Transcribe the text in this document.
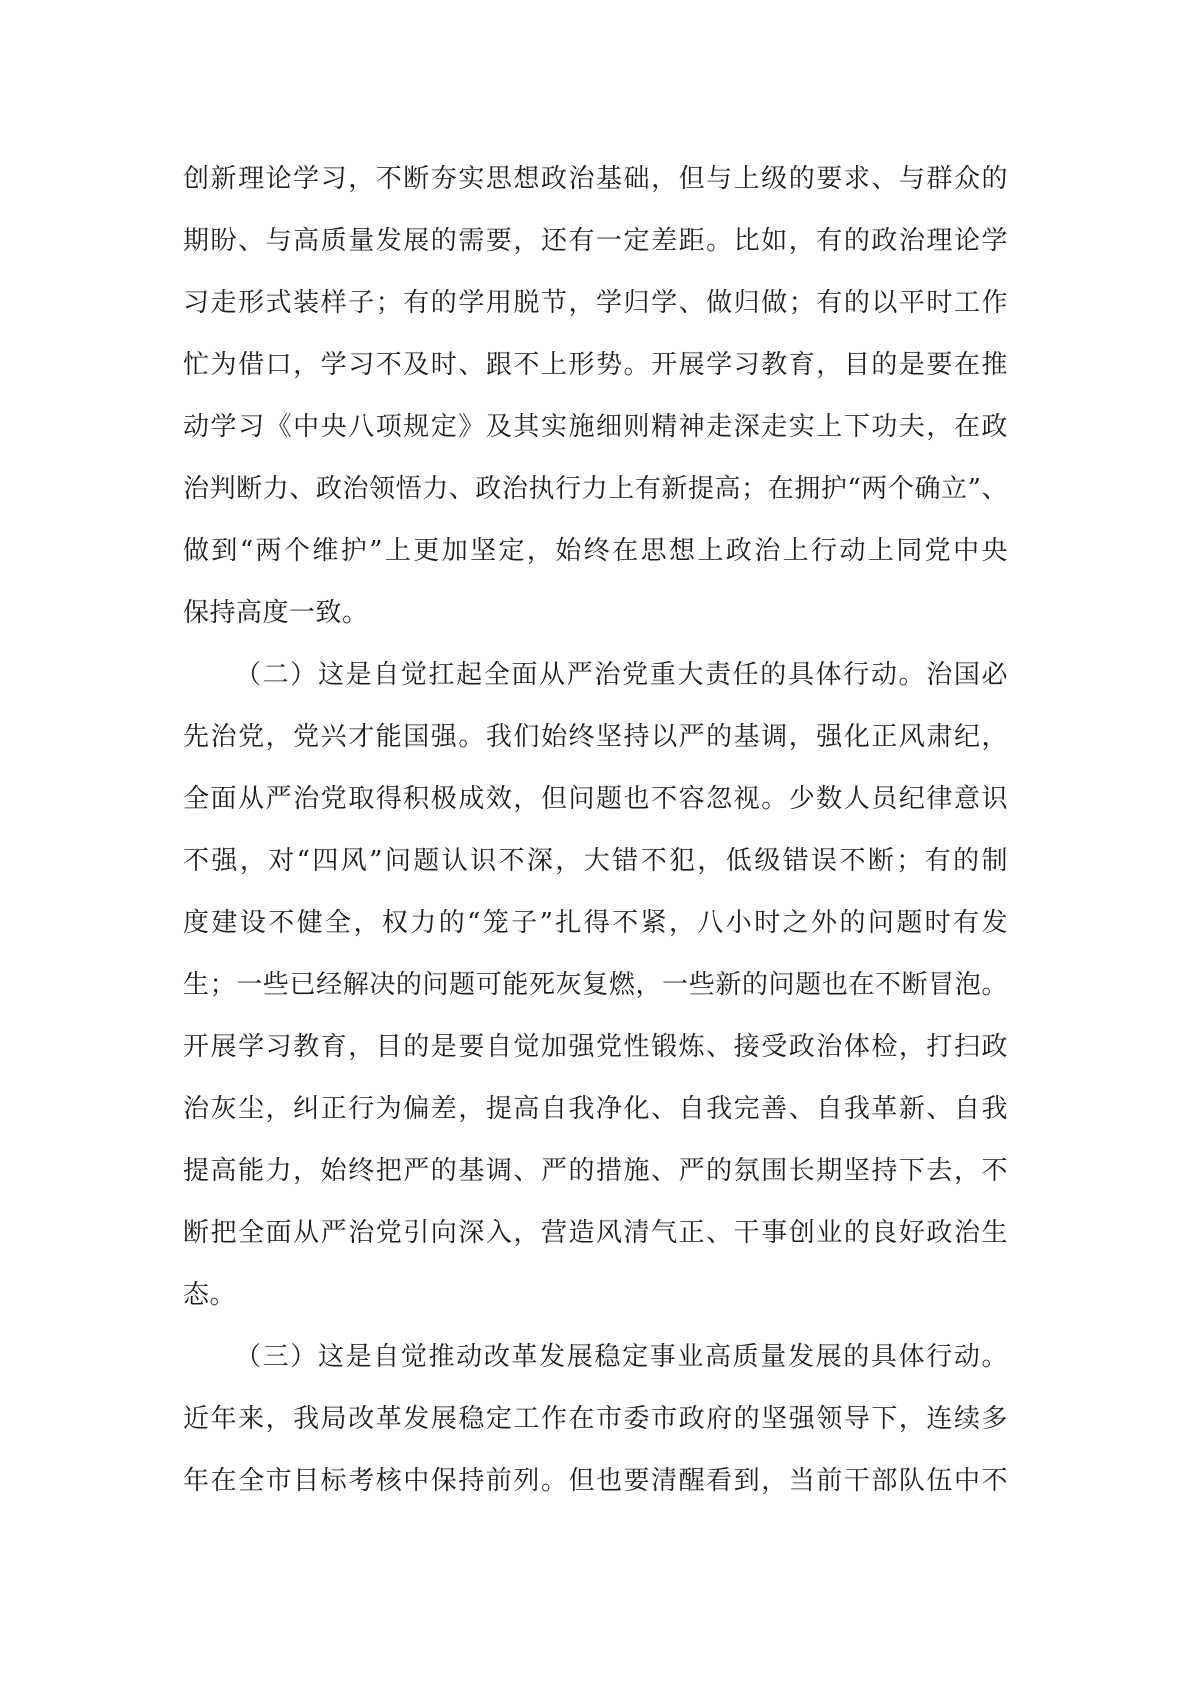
创新理论学习，不断夯实思想政治基础，但与上级的要求、与群众的
期盼、与高质量发展的需要，还有一定差距。比如，有的政治理论学
习走形式装样子；有的学用脱节，学归学、做归做；有的以平时工作
忙为借口，学习不及时、跟不上形势。开展学习教育，目的是要在推
动学习《中央八项规定》及其实施细则精神走深走实上下功夫，在政
治判断力、政治领悟力、政治执行力上有新提高；在拥护“两个确立”、
做到“两个维护”上更加坚定，始终在思想上政治上行动上同党中央
保持高度一致。
（二）这是自觉扛起全面从严治党重大责任的具体行动。治国必
先治党，党兴才能国强。我们始终坚持以严的基调，强化正风肃纪，
全面从严治党取得积极成效，但问题也不容忽视。少数人员纪律意识
不强，对“四风”问题认识不深，大错不犯，低级错误不断；有的制
度建设不健全，权力的“笼子”扎得不紧，八小时之外的问题时有发
生；一些已经解决的问题可能死灰复燃，一些新的问题也在不断冒泡。
开展学习教育，目的是要自觉加强党性锻炼、接受政治体检，打扫政
治灰尘，纠正行为偏差，提高自我净化、自我完善、自我革新、自我
提高能力，始终把严的基调、严的措施、严的氛围长期坚持下去，不
断把全面从严治党引向深入，营造风清气正、干事创业的良好政治生
态。
（三）这是自觉推动改革发展稳定事业高质量发展的具体行动。
近年来，我局改革发展稳定工作在市委市政府的坚强领导下，连续多
年在全市目标考核中保持前列。但也要清醒看到，当前干部队伍中不
